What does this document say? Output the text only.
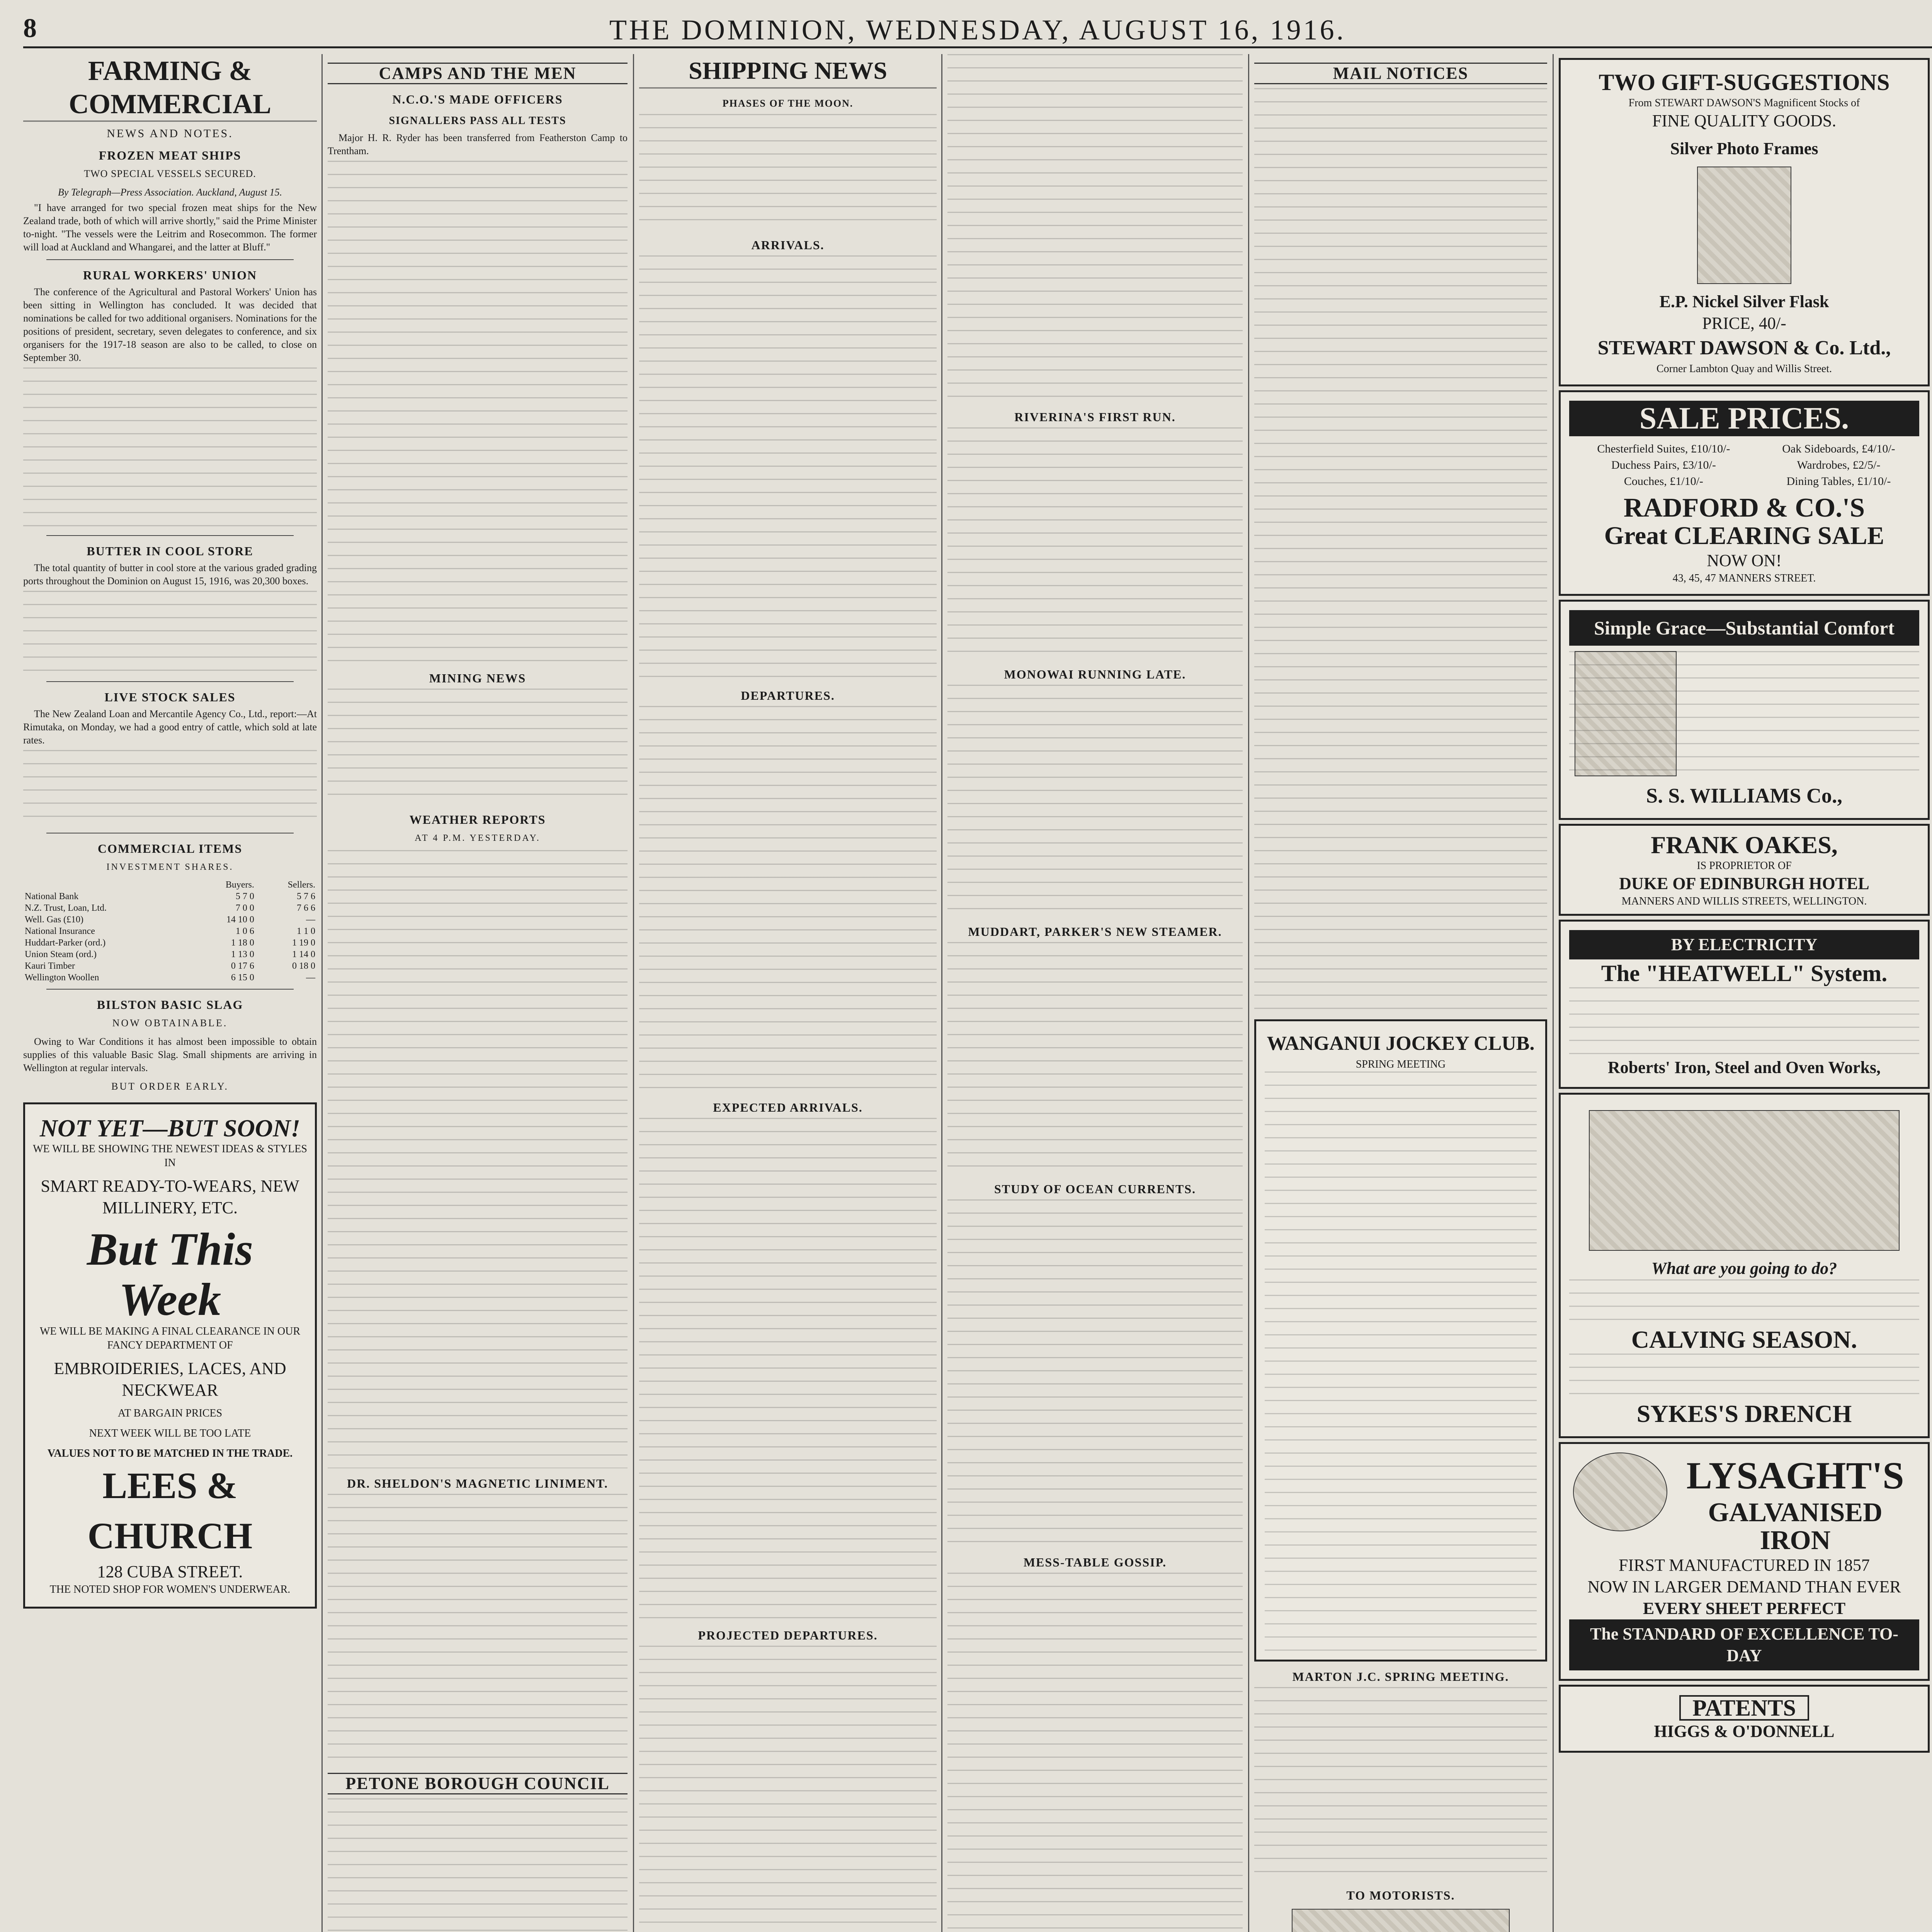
8	THE DOMINION, WEDNESDAY, AUGUST 16, 1916.
FARMING & COMMERCIAL
NEWS AND NOTES.
FROZEN MEAT SHIPS
TWO SPECIAL VESSELS SECURED.
By Telegraph—Press Association. Auckland, August 15.

"I have arranged for two special frozen meat ships for the New Zealand trade, both of which will arrive shortly," said the Prime Minister to-night. "The vessels were the Leitrim and Rosecommon. The former will load at Auckland and Whangarei, and the latter at Bluff."

RURAL WORKERS' UNION

The conference of the Agricultural and Pastoral Workers' Union has been sitting in Wellington has concluded. It was decided that nominations be called for two additional organisers. Nominations for the positions of president, secretary, seven delegates to conference, and six organisers for the 1917-18 season are also to be called, to close on September 30.

BUTTER IN COOL STORE

The total quantity of butter in cool store at the various graded grading ports throughout the Dominion on August 15, 1916, was 20,300 boxes.

LIVE STOCK SALES

The New Zealand Loan and Mercantile Agency Co., Ltd., report:—At Rimutaka, on Monday, we had a good entry of cattle, which sold at late rates.

COMMERCIAL ITEMS
INVESTMENT SHARES.
	Buyers.	Sellers.
National Bank	5 7 0	5 7 6
N.Z. Trust, Loan, Ltd.	7 0 0	7 6 6
Well. Gas (£10)	14 10 0	—
National Insurance	1 0 6	1 1 0
Huddart-Parker (ord.)	1 18 0	1 19 0
Union Steam (ord.)	1 13 0	1 14 0
Kauri Timber	0 17 6	0 18 0
Wellington Woollen	6 15 0	—
BILSTON BASIC SLAG
NOW OBTAINABLE.

Owing to War Conditions it has almost been impossible to obtain supplies of this valuable Basic Slag. Small shipments are arriving in Wellington at regular intervals.

BUT ORDER EARLY.
NOT YET—BUT SOON!
WE WILL BE SHOWING THE NEWEST IDEAS & STYLES IN
SMART READY-TO-WEARS, NEW MILLINERY, ETC.
But This Week
WE WILL BE MAKING A FINAL CLEARANCE IN OUR FANCY DEPARTMENT OF
EMBROIDERIES, LACES, AND NECKWEAR
AT BARGAIN PRICES
NEXT WEEK WILL BE TOO LATE
VALUES NOT TO BE MATCHED IN THE TRADE.
LEES & CHURCH
128 CUBA STREET.
THE NOTED SHOP FOR WOMEN'S UNDERWEAR.
CAMPS AND THE MEN
N.C.O.'S MADE OFFICERS
SIGNALLERS PASS ALL TESTS

Major H. R. Ryder has been transferred from Featherston Camp to Trentham.

MINING NEWS
WEATHER REPORTS
AT 4 P.M. YESTERDAY.
DR. SHELDON'S MAGNETIC LINIMENT.
PETONE BOROUGH COUNCIL
SHIPPING NEWS
PHASES OF THE MOON.
ARRIVALS.
DEPARTURES.
EXPECTED ARRIVALS.
PROJECTED DEPARTURES.
RIVERINA'S FIRST RUN.
MONOWAI RUNNING LATE.
MUDDART, PARKER'S NEW STEAMER.
STUDY OF OCEAN CURRENTS.
MESS-TABLE GOSSIP.
MAIL NOTICES
WANGANUI JOCKEY CLUB.
SPRING MEETING
MARTON J.C. SPRING MEETING.
TO MOTORISTS.
TWO GIFT-SUGGESTIONS
From STEWART DAWSON'S Magnificent Stocks of
FINE QUALITY GOODS.
Silver Photo Frames
E.P. Nickel Silver Flask
PRICE, 40/-
STEWART DAWSON & Co. Ltd.,
Corner Lambton Quay and Willis Street.
SALE PRICES.
Chesterfield Suites, £10/10/-	Oak Sideboards, £4/10/-
Duchess Pairs, £3/10/-	Wardrobes, £2/5/-
Couches, £1/10/-	Dining Tables, £1/10/-
RADFORD & CO.'S
Great CLEARING SALE
NOW ON!
43, 45, 47 MANNERS STREET.
Simple Grace—Substantial Comfort
S. S. WILLIAMS Co.,
FRANK OAKES,
IS PROPRIETOR OF
DUKE OF EDINBURGH HOTEL
MANNERS AND WILLIS STREETS, WELLINGTON.
BY ELECTRICITY
The "HEATWELL" System.
Roberts' Iron, Steel and Oven Works,
What are you going to do?
CALVING SEASON.
SYKES'S DRENCH
LYSAGHT'S
GALVANISED
IRON
FIRST MANUFACTURED IN 1857
NOW IN LARGER DEMAND THAN EVER
EVERY SHEET PERFECT
The STANDARD OF EXCELLENCE TO-DAY
PATENTS
HIGGS & O'DONNELL
